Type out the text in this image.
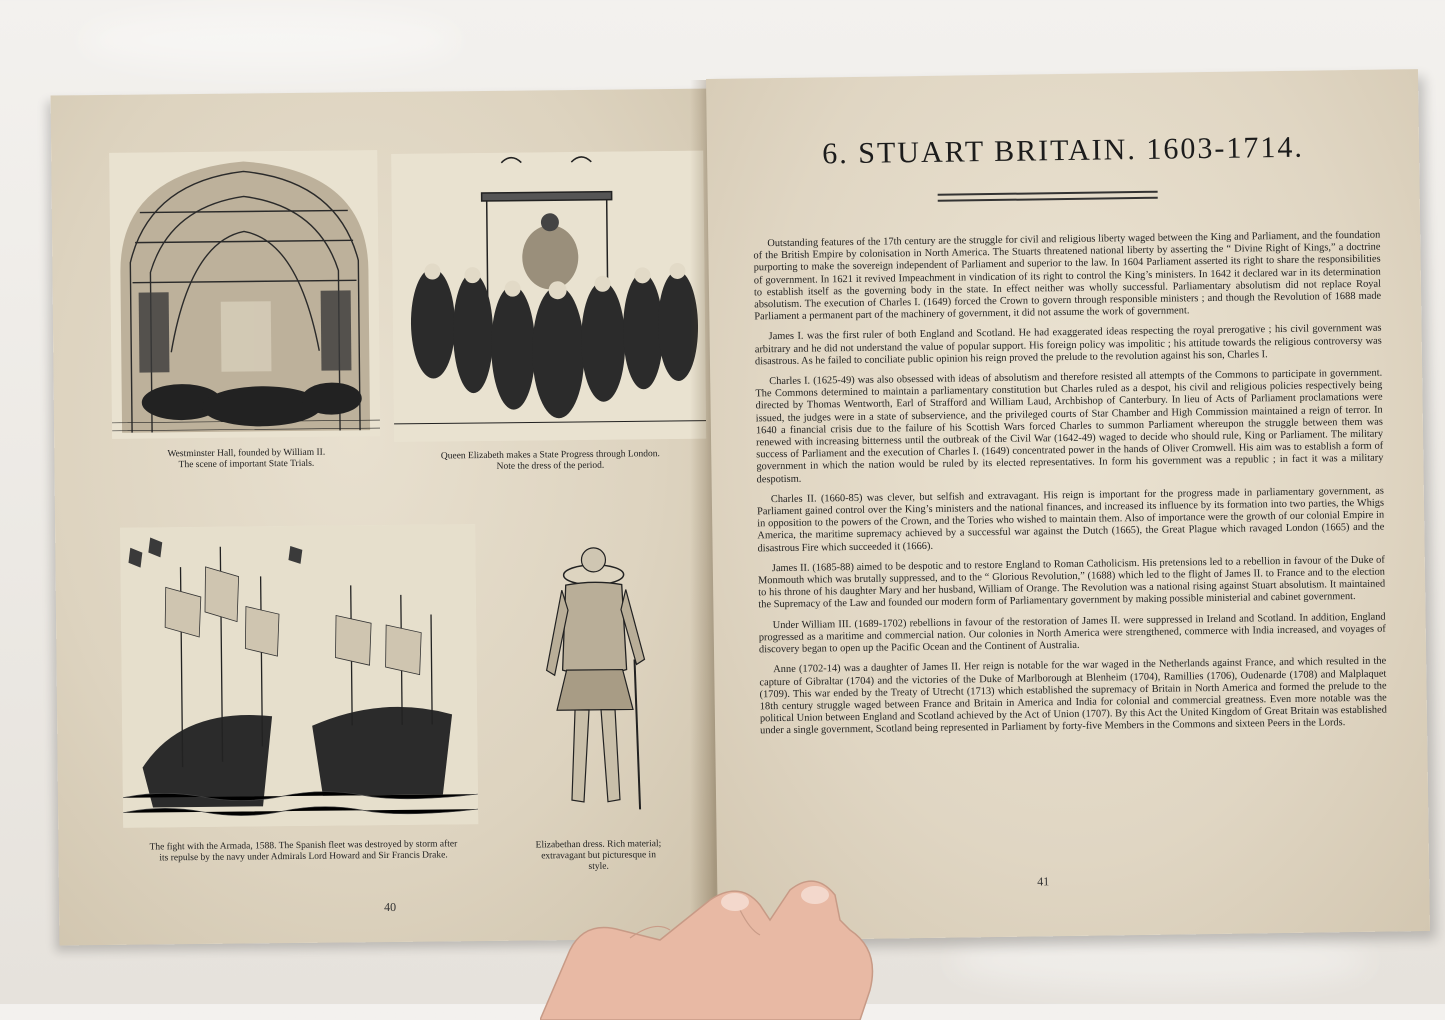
Westminster Hall, founded by William II.
The scene of important State Trials.
Queen Elizabeth makes a State Progress through London.
Note the dress of the period.
The fight with the Armada, 1588. The Spanish fleet was destroyed by storm after
its repulse by the navy under Admirals Lord Howard and Sir Francis Drake.
Elizabethan dress. Rich material;
extravagant but picturesque in
style.
40
6. STUART BRITAIN. 1603-1714.

Outstanding features of the 17th century are the struggle for civil and religious liberty waged between the King and Parliament, and the foundation of the British Empire by colonisation in North America. The Stuarts threatened national liberty by asserting the “ Divine Right of Kings,” a doctrine purporting to make the sovereign independent of Parliament and superior to the law. In 1604 Parliament asserted its right to share the responsibilities of government. In 1621 it revived Impeachment in vindication of its right to control the King’s ministers. In 1642 it declared war in its determination to establish itself as the governing body in the state. In effect neither was wholly successful. Parliamentary absolutism did not replace Royal absolutism. The execution of Charles I. (1649) forced the Crown to govern through responsible ministers ; and though the Revolution of 1688 made Parliament a permanent part of the machinery of government, it did not assume the work of government.

James I. was the first ruler of both England and Scotland. He had exaggerated ideas respecting the royal prerogative ; his civil government was arbitrary and he did not understand the value of popular support. His foreign policy was impolitic ; his attitude towards the religious controversy was disastrous. As he failed to conciliate public opinion his reign proved the prelude to the revolution against his son, Charles I.

Charles I. (1625-49) was also obsessed with ideas of absolutism and therefore resisted all attempts of the Commons to participate in government. The Commons determined to maintain a parliamentary constitution but Charles ruled as a despot, his civil and religious policies respectively being directed by Thomas Wentworth, Earl of Strafford and William Laud, Archbishop of Canterbury. In lieu of Acts of Parliament proclamations were issued, the judges were in a state of subservience, and the privileged courts of Star Chamber and High Commission maintained a reign of terror. In 1640 a financial crisis due to the failure of his Scottish Wars forced Charles to summon Parliament whereupon the struggle between them was renewed with increasing bitterness until the outbreak of the Civil War (1642-49) waged to decide who should rule, King or Parliament. The military success of Parliament and the execution of Charles I. (1649) concentrated power in the hands of Oliver Cromwell. His aim was to establish a form of government in which the nation would be ruled by its elected representatives. In form his government was a republic ; in fact it was a military despotism.

Charles II. (1660-85) was clever, but selfish and extravagant. His reign is important for the progress made in parliamentary government, as Parliament gained control over the King’s ministers and the national finances, and increased its influence by its formation into two parties, the Whigs in opposition to the powers of the Crown, and the Tories who wished to maintain them. Also of importance were the growth of our colonial Empire in America, the maritime supremacy achieved by a successful war against the Dutch (1665), the Great Plague which ravaged London (1665) and the disastrous Fire which succeeded it (1666).

James II. (1685-88) aimed to be despotic and to restore England to Roman Catholicism. His pretensions led to a rebellion in favour of the Duke of Monmouth which was brutally suppressed, and to the “ Glorious Revolution,” (1688) which led to the flight of James II. to France and to the election to his throne of his daughter Mary and her husband, William of Orange. The Revolution was a national rising against Stuart absolutism. It maintained the Supremacy of the Law and founded our modern form of Parliamentary government by making possible ministerial and cabinet government.

Under William III. (1689-1702) rebellions in favour of the restoration of James II. were suppressed in Ireland and Scotland. In addition, England progressed as a maritime and commercial nation. Our colonies in North America were strengthened, commerce with India increased, and voyages of discovery began to open up the Pacific Ocean and the Continent of Australia.

Anne (1702-14) was a daughter of James II. Her reign is notable for the war waged in the Netherlands against France, and which resulted in the capture of Gibraltar (1704) and the victories of the Duke of Marlborough at Blenheim (1704), Ramillies (1706), Oudenarde (1708) and Malplaquet (1709). This war ended by the Treaty of Utrecht (1713) which established the supremacy of Britain in North America and formed the prelude to the 18th century struggle waged between France and Britain in America and India for colonial and commercial greatness. Even more notable was the political Union between England and Scotland achieved by the Act of Union (1707). By this Act the United Kingdom of Great Britain was established under a single government, Scotland being represented in Parliament by forty-five Members in the Commons and sixteen Peers in the Lords.

41
